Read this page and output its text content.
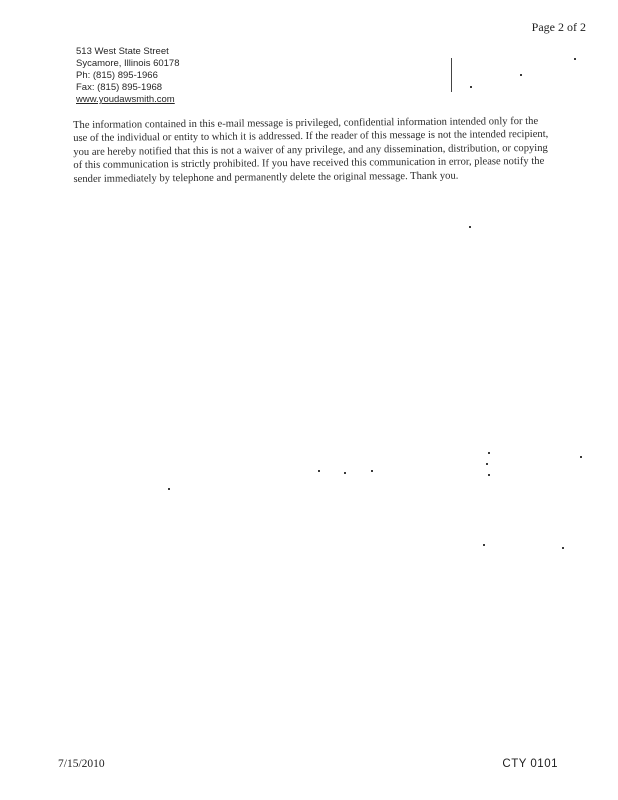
Page 2 of 2
513 West State Street
Sycamore, Illinois 60178
Ph: (815) 895-1966
Fax: (815) 895-1968
www.youdawsmith.com

The information contained in this e-mail message is privileged, confidential information intended only for the use of the individual or entity to which it is addressed. If the reader of this message is not the intended recipient, you are hereby notified that this is not a waiver of any privilege, and any dissemination, distribution, or copying of this communication is strictly prohibited. If you have received this communication in error, please notify the sender immediately by telephone and permanently delete the original message. Thank you.

7/15/2010	CTY 0101
